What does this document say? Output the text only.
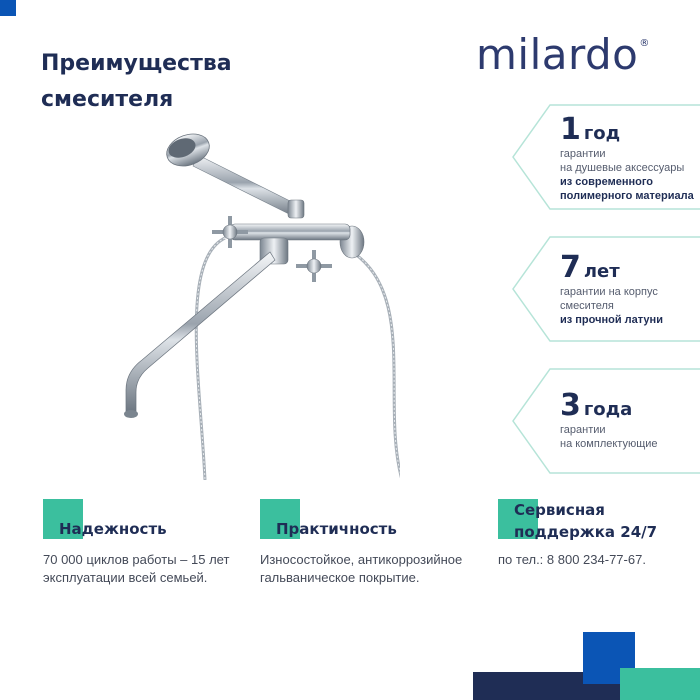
Преимущества
смесителя
milardo®
1 год
гарантии
на душевые аксессуары
из современного
полимерного материала
7 лет
гарантии на корпус
смесителя
из прочной латуни
3 года
гарантии
на комплектующие
Надежность
70 000 циклов работы – 15 лет
эксплуатации всей семьей.
Практичность
Износостойкое, антикоррозийное
гальваническое покрытие.
Сервисная
поддержка 24/7
по тел.: 8 800 234-77-67.
